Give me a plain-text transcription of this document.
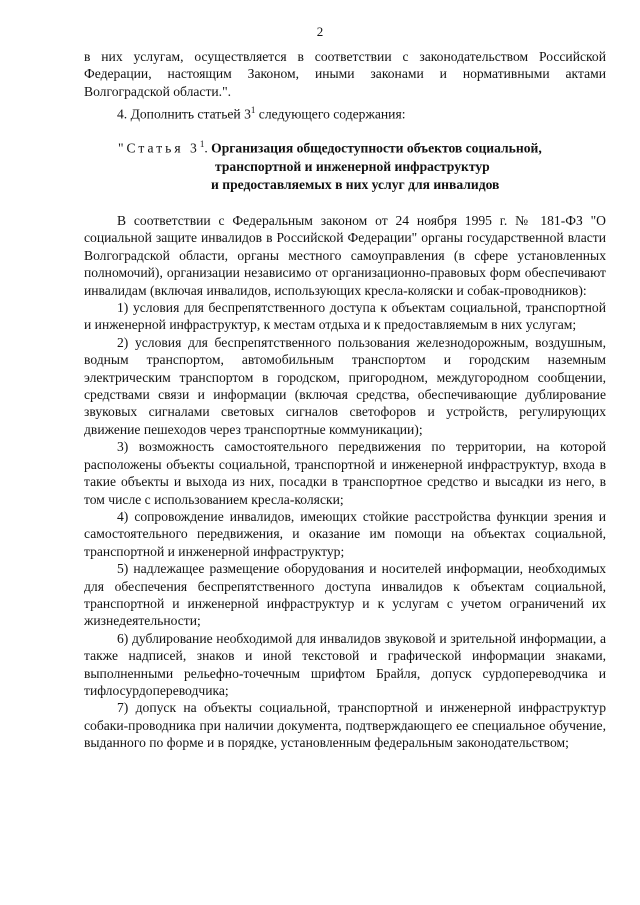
2

в них услугам, осуществляется в соответствии с законодательством Российской Федерации, настоящим Законом, иными законами и нормативными актами Волгоградской области.".

4. Дополнить статьей $3^1$ следующего содержания:

"Статья $3^1$. Организация общедоступности объектов социальной,
транспортной и инженерной инфраструктур
и предоставляемых в них услуг для инвалидов

В соответствии с Федеральным законом от 24 ноября 1995 г. № 181-ФЗ "О социальной защите инвалидов в Российской Федерации" органы государственной власти Волгоградской области, органы местного самоуправления (в сфере установленных полномочий), организации независимо от организационно-правовых форм обеспечивают инвалидам (включая инвалидов, использующих кресла-коляски и собак-проводников):

1) условия для беспрепятственного доступа к объектам социальной, транспортной и инженерной инфраструктур, к местам отдыха и к предоставляемым в них услугам;

2) условия для беспрепятственного пользования железнодорожным, воздушным, водным транспортом, автомобильным транспортом и городским наземным электрическим транспортом в городском, пригородном, междугородном сообщении, средствами связи и информации (включая средства, обеспечивающие дублирование звуковых сигналами световых сигналов светофоров и устройств, регулирующих движение пешеходов через транспортные коммуникации);

3) возможность самостоятельного передвижения по территории, на которой расположены объекты социальной, транспортной и инженерной инфраструктур, входа в такие объекты и выхода из них, посадки в транспортное средство и высадки из него, в том числе с использованием кресла-коляски;

4) сопровождение инвалидов, имеющих стойкие расстройства функции зрения и самостоятельного передвижения, и оказание им помощи на объектах социальной, транспортной и инженерной инфраструктур;

5) надлежащее размещение оборудования и носителей информации, необходимых для обеспечения беспрепятственного доступа инвалидов к объектам социальной, транспортной и инженерной инфраструктур и к услугам с учетом ограничений их жизнедеятельности;

6) дублирование необходимой для инвалидов звуковой и зрительной информации, а также надписей, знаков и иной текстовой и графической информации знаками, выполненными рельефно-точечным шрифтом Брайля, допуск сурдопереводчика и тифлосурдопереводчика;

7) допуск на объекты социальной, транспортной и инженерной инфраструктур собаки-проводника при наличии документа, подтверждающего ее специальное обучение, выданного по форме и в порядке, установленным федеральным законодательством;
